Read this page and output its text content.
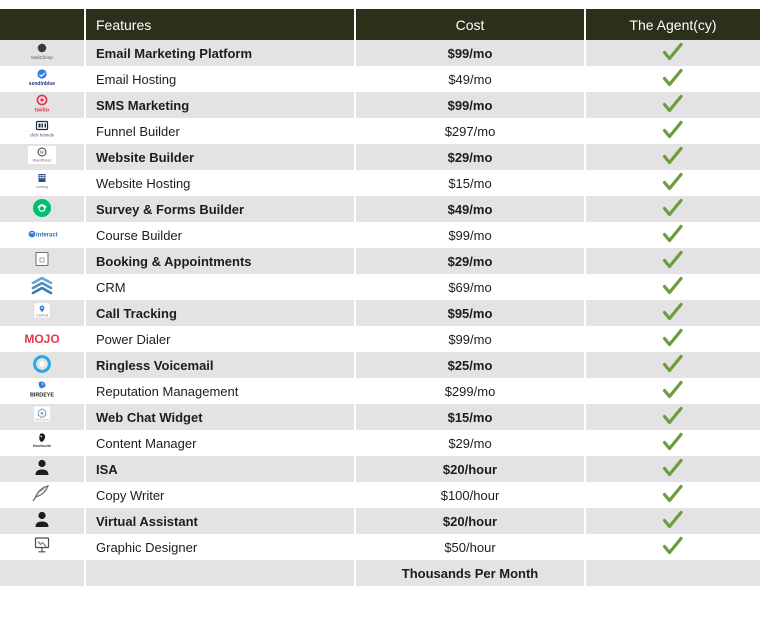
	Features	Cost	The Agent(cy)

MailChimp	Email Marketing Platform	$99/mo	

sendinblue	Email Hosting	$49/mo	

twilio	SMS Marketing	$99/mo	

click funnels	Funnel Builder	$297/mo	

W
WordPress	Website Builder	$29/mo	

hosting	Website Hosting	$15/mo	

	Survey & Forms Builder	$49/mo	

interact	Course Builder	$99/mo	

	Booking & Appointments	$29/mo	

	CRM	$69/mo	

CallRail	Call Tracking	$95/mo	

MOJO	Power Dialer	$99/mo	

	Ringless Voicemail	$25/mo	

BIRDEYE	Reputation Management	$299/mo	

Web Chat	Web Chat Widget	$15/mo	

Hootsuite	Content Manager	$29/mo	

	ISA	$20/hour	

	Copy Writer	$100/hour	

	Virtual Assistant	$20/hour	

	Graphic Designer	$50/hour	

		Thousands Per Month	
